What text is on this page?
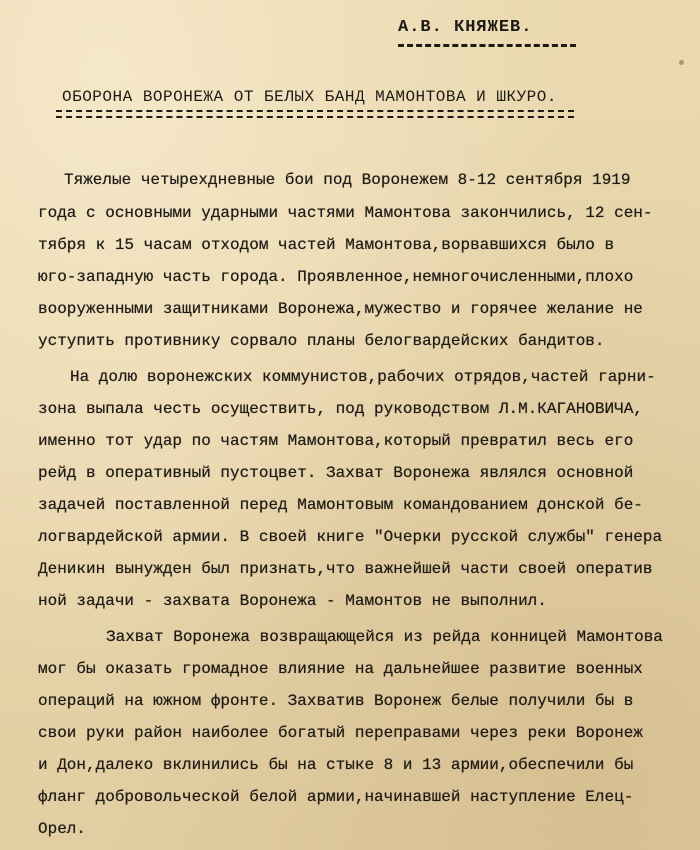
А.В. КНЯЖЕВ.
ОБОРОНА ВОРОНЕЖА ОТ БЕЛЫХ БАНД МАМОНТОВА И ШКУРО.
Тяжелые четырехдневные бои под Воронежем 8-12 сентября 1919
года с основными ударными частями Мамонтова закончились, 12 сен-
тября к 15 часам отходом частей Мамонтова,ворвавшихся было в
юго-западную часть города. Проявленное,немногочисленными,плохо
вооруженными защитниками Воронежа,мужество и горячее желание не
уступить противнику сорвало планы белогвардейских бандитов.
На долю воронежских коммунистов,рабочих отрядов,частей гарни-
зона выпала честь осуществить, под руководством Л.М.КАГАНОВИЧА,
именно тот удар по частям Мамонтова,который превратил весь его
рейд в оперативный пустоцвет. Захват Воронежа являлся основной
задачей поставленной перед Мамонтовым командованием донской бе-
логвардейской армии. В своей книге "Очерки русской службы" генера
Деникин вынужден был признать,что важнейшей части своей оператив
ной задачи - захвата Воронежа - Мамонтов не выполнил.
Захват Воронежа возвращающейся из рейда конницей Мамонтова
мог бы оказать громадное влияние на дальнейшее развитие военных
операций на южном фронте. Захватив Воронеж белые получили бы в
свои руки район наиболее богатый переправами через реки Воронеж
и Дон,далеко вклинились бы на стыке 8 и 13 армии,обеспечили бы
фланг добровольческой белой армии,начинавшей наступление Елец-
Орел.
